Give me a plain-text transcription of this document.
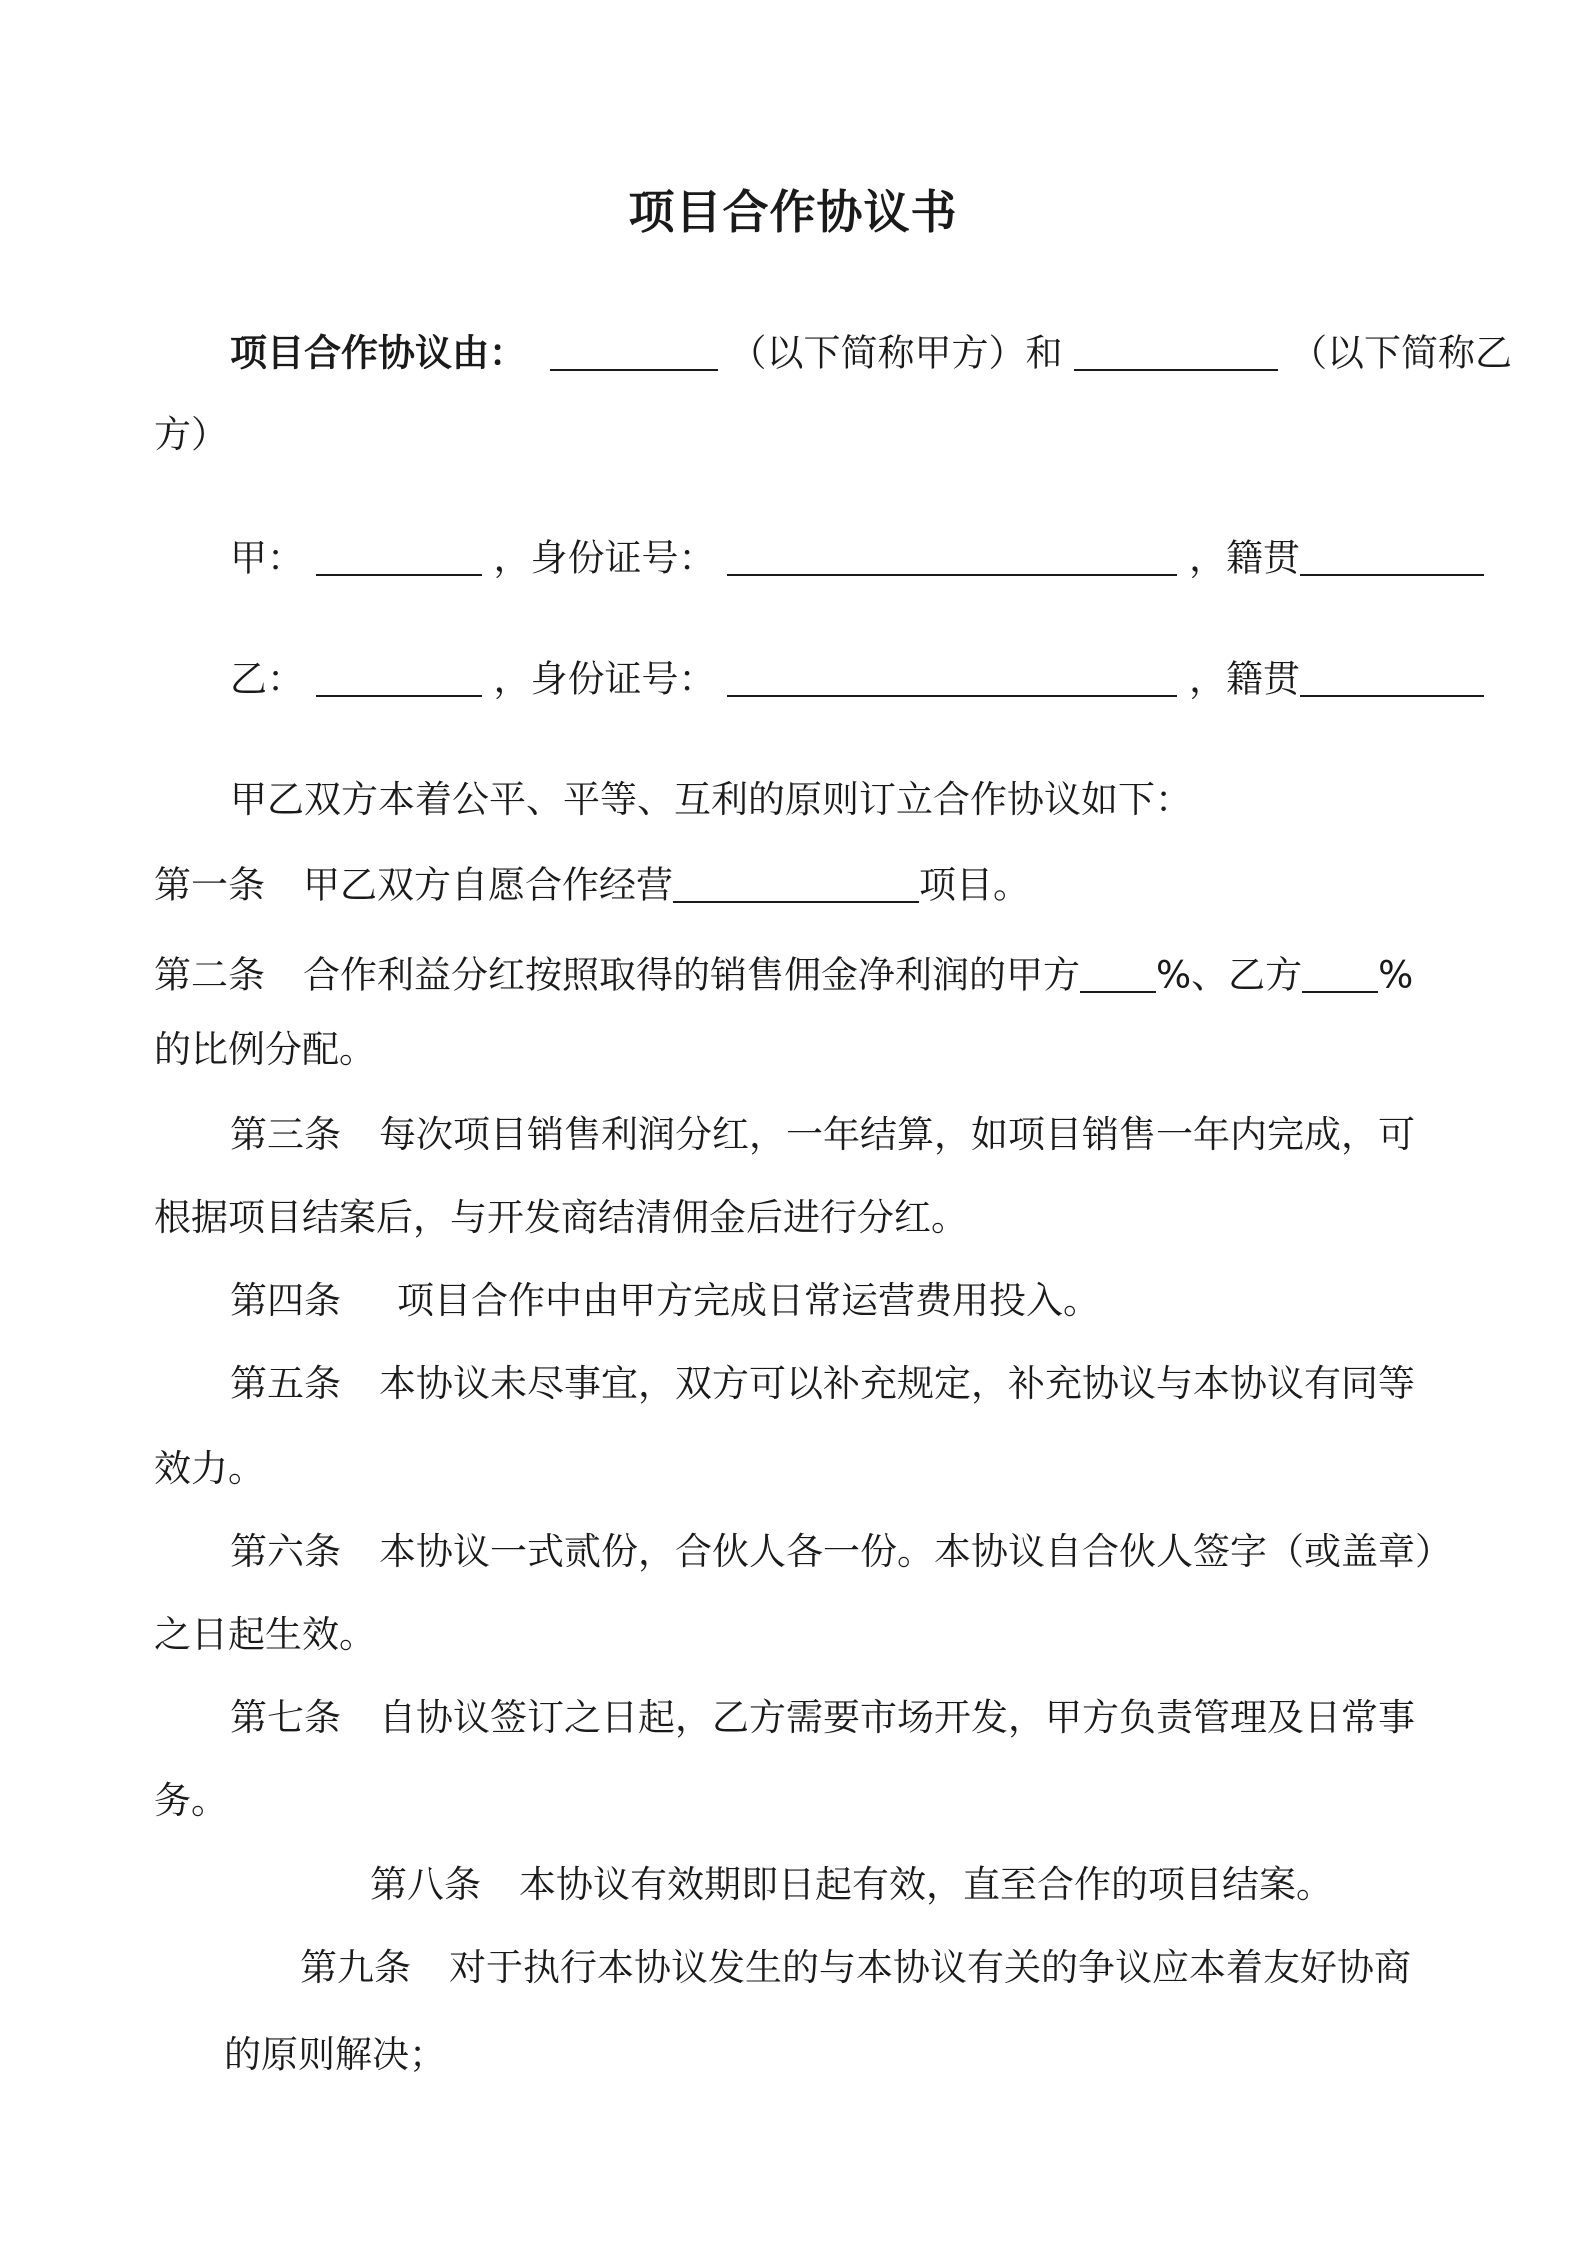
项目合作协议书
项目合作协议由：	（以下简称甲方）和	（以下简称乙
方）
甲：	，身份证号：	，籍贯
乙：	，身份证号：	，籍贯
甲乙双方本着公平、平等、互利的原则订立合作协议如下：
第一条 甲乙双方自愿合作经营	项目。
第二条 合作利益分红按照取得的销售佣金净利润的甲方 %、乙方 %
的比例分配。
第三条 每次项目销售利润分红，一年结算，如项目销售一年内完成，可
根据项目结案后，与开发商结清佣金后进行分红。
第四条 项目合作中由甲方完成日常运营费用投入。
第五条 本协议未尽事宜，双方可以补充规定，补充协议与本协议有同等
效力。
第六条 本协议一式贰份，合伙人各一份。本协议自合伙人签字（或盖章）
之日起生效。
第七条 自协议签订之日起，乙方需要市场开发，甲方负责管理及日常事
务。
第八条 本协议有效期即日起有效，直至合作的项目结案。
第九条 对于执行本协议发生的与本协议有关的争议应本着友好协商
的原则解决；
